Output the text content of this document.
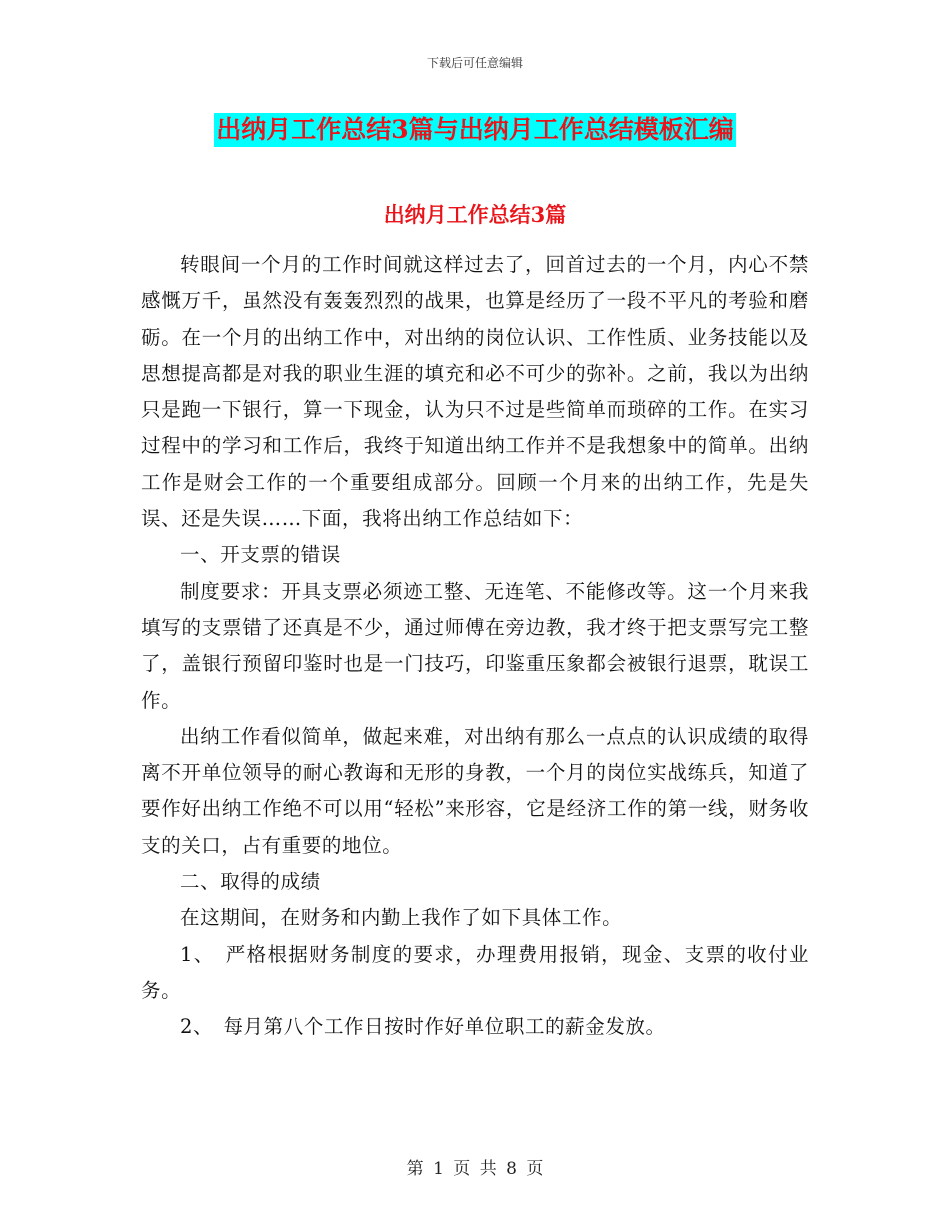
下载后可任意编辑
出纳月工作总结3篇与出纳月工作总结模板汇编
出纳月工作总结3篇

转眼间一个月的工作时间就这样过去了，回首过去的一个月，内心不禁感慨万千，虽然没有轰轰烈烈的战果，也算是经历了一段不平凡的考验和磨砺。在一个月的出纳工作中，对出纳的岗位认识、工作性质、业务技能以及思想提高都是对我的职业生涯的填充和必不可少的弥补。之前，我以为出纳只是跑一下银行，算一下现金，认为只不过是些简单而琐碎的工作。在实习过程中的学习和工作后，我终于知道出纳工作并不是我想象中的简单。出纳工作是财会工作的一个重要组成部分。回顾一个月来的出纳工作，先是失误、还是失误……下面，我将出纳工作总结如下：

一、开支票的错误

制度要求：开具支票必须迹工整、无连笔、不能修改等。这一个月来我填写的支票错了还真是不少，通过师傅在旁边教，我才终于把支票写完工整了，盖银行预留印鉴时也是一门技巧，印鉴重压象都会被银行退票，耽误工作。

出纳工作看似简单，做起来难，对出纳有那么一点点的认识成绩的取得离不开单位领导的耐心教诲和无形的身教，一个月的岗位实战练兵，知道了要作好出纳工作绝不可以用“轻松”来形容，它是经济工作的第一线，财务收支的关口，占有重要的地位。

二、取得的成绩

在这期间，在财务和内勤上我作了如下具体工作。

1、　严格根据财务制度的要求，办理费用报销，现金、支票的收付业务。

2、　每月第八个工作日按时作好单位职工的薪金发放。

第 1 页 共 8 页
